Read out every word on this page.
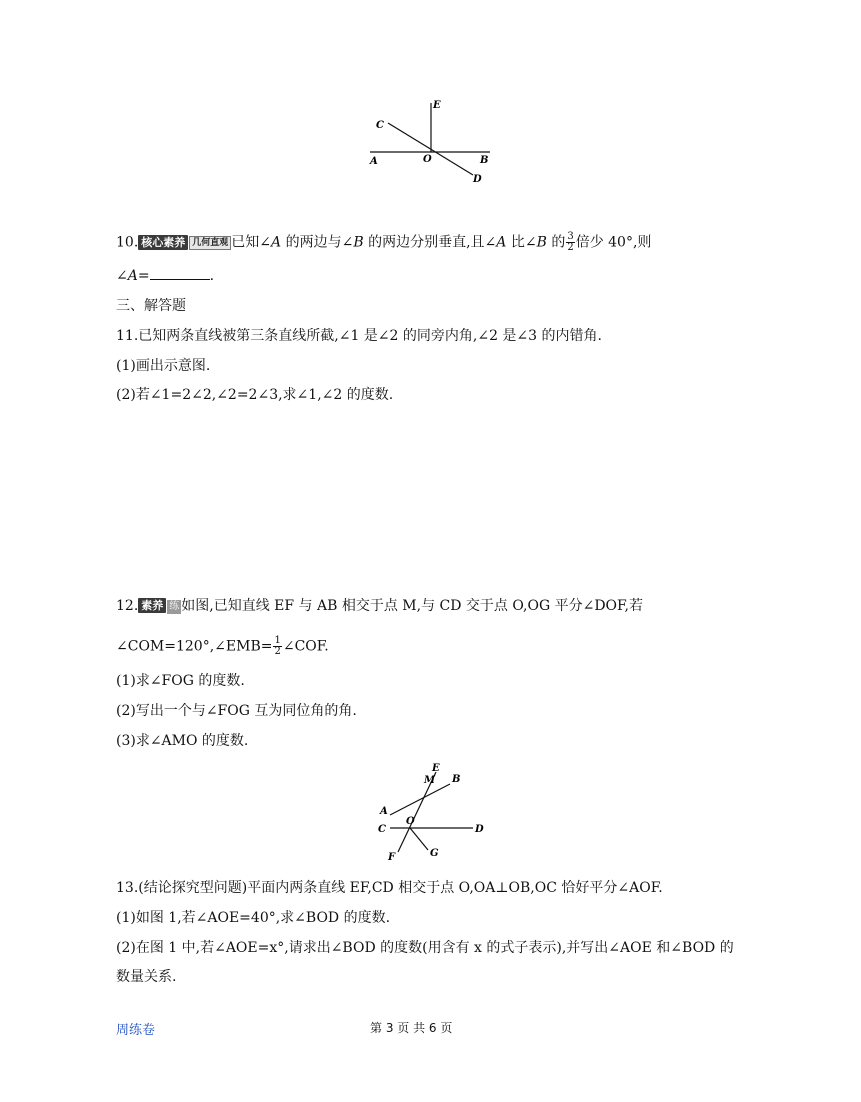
E
C
A	O	B
D
10. 核心素养 几何直观 已知∠A 的两边与∠B 的两边分别垂直,且∠A 比∠B 的 $\frac{3}{2}$ 倍少 40°,则
∠A=	.
三、解答题
11.已知两条直线被第三条直线所截,∠1 是∠2 的同旁内角,∠2 是∠3 的内错角.
(1)画出示意图.
(2)若∠1=2∠2,∠2=2∠3,求∠1,∠2 的度数.
12. 素养 练 如图,已知直线 EF 与 AB 相交于点 M,与 CD 交于点 O,OG 平分∠DOF,若
∠COM=120°,∠EMB= $\frac{1}{2}$ ∠COF.
(1)求∠FOG 的度数.
(2)写出一个与∠FOG 互为同位角的角.
(3)求∠AMO 的度数.
E
M B
A
O
C	D
F	G
13.(结论探究型问题)平面内两条直线 EF,CD 相交于点 O,OA⊥OB,OC 恰好平分∠AOF.
(1)如图 1,若∠AOE=40°,求∠BOD 的度数.
(2)在图 1 中,若∠AOE=x°,请求出∠BOD 的度数(用含有 x 的式子表示),并写出∠AOE 和∠BOD 的
数量关系.
周练卷	第 3 页 共 6 页
